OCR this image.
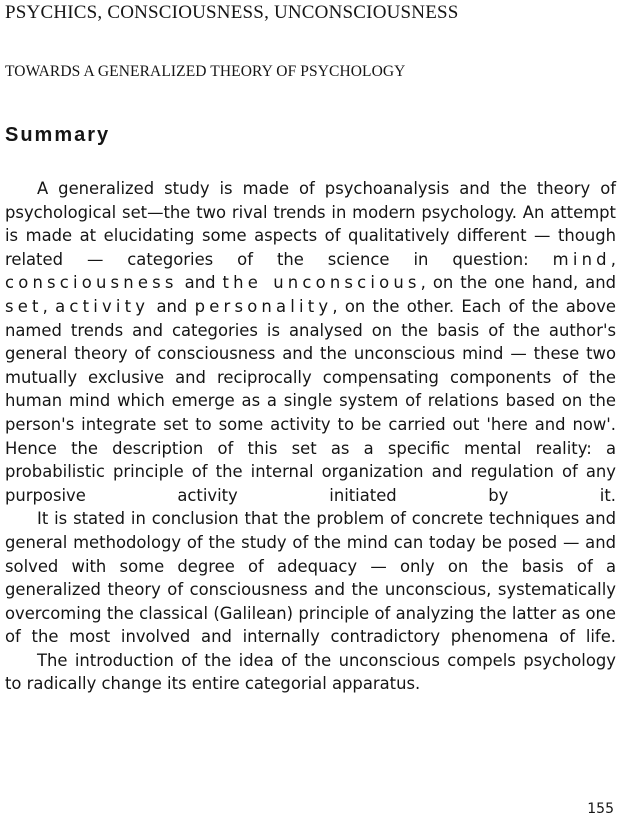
PSYCHICS, CONSCIOUSNESS, UNCONSCIOUSNESS
TOWARDS A GENERALIZED THEORY OF PSYCHOLOGY
Summary

A generalized study is made of psychoanalysis and the theory of psychological set—the two rival trends in modern psychology. An attempt is made at elucidating some aspects of qualitatively different — though related — categories of the science in question: mind, consciousness and the unconscious, on the one hand, and set, activity and personality, on the other. Each of the above named trends and categories is analysed on the basis of the author's general theory of consciousness and the unconscious mind — these two mutually exclusive and reciprocally compensating components of the human mind which emerge as a single system of relations based on the person's integrate set to some activity to be carried out 'here and now'. Hence the description of this set as a specific mental reality: a probabilistic principle of the internal organization and regulation of any purposive activity initiated by it.

It is stated in conclusion that the problem of concrete techniques and general methodology of the study of the mind can today be posed — and solved with some degree of adequacy — only on the basis of a generalized theory of consciousness and the unconscious, systematically overcoming the classical (Galilean) principle of analyzing the latter as one of the most involved and internally contradictory phenomena of life.

The introduction of the idea of the unconscious compels psychology to radically change its entire categorial apparatus.

155
